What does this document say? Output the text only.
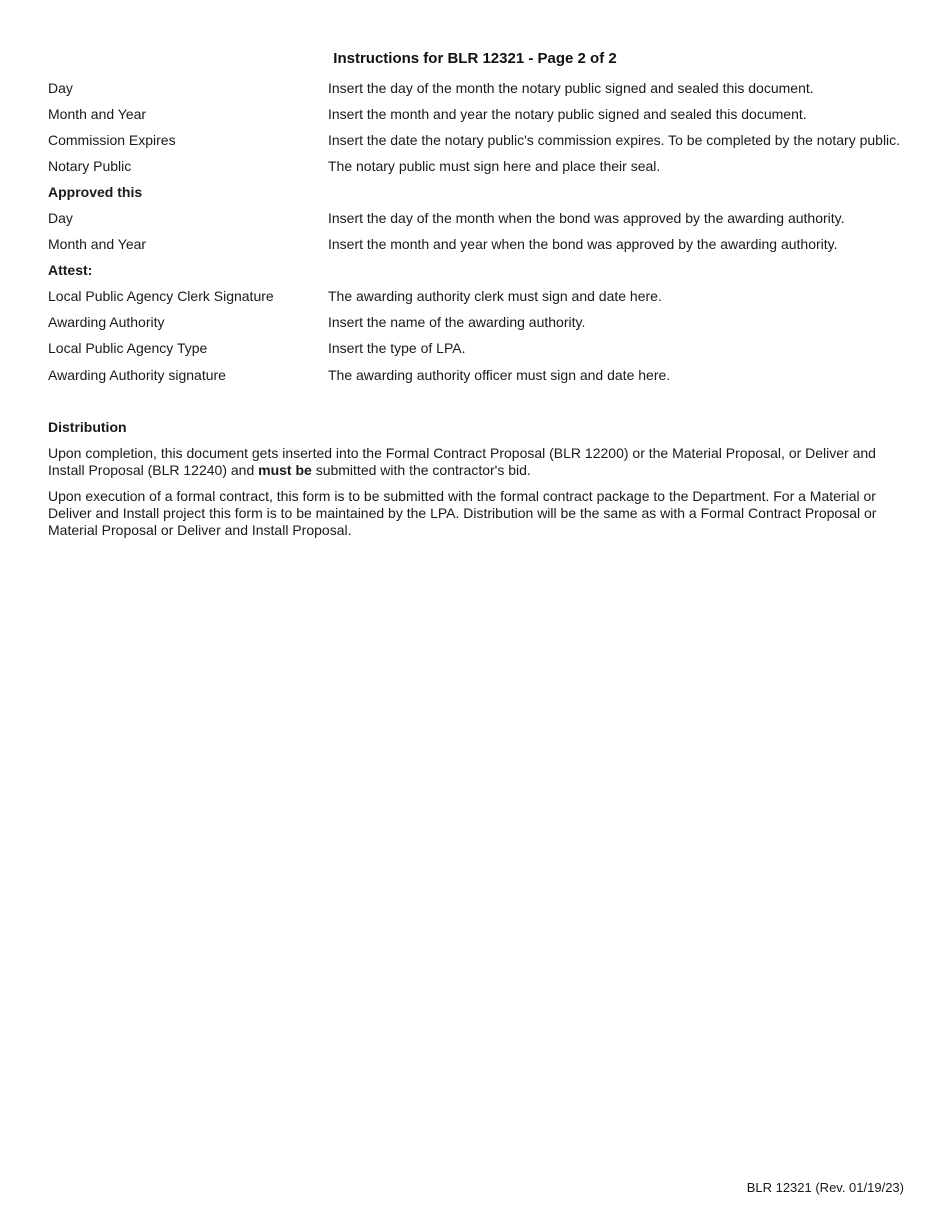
Instructions for BLR 12321 - Page 2 of 2
Day	Insert the day of the month the notary public signed and sealed this document.
Month and Year	Insert the month and year the notary public signed and sealed this document.
Commission Expires	Insert the date the notary public's commission expires. To be completed by the notary public.
Notary Public	The notary public must sign here and place their seal.
Approved this
Day	Insert the day of the month when the bond was approved by the awarding authority.
Month and Year	Insert the month and year when the bond was approved by the awarding authority.
Attest:
Local Public Agency Clerk Signature	The awarding authority clerk must sign and date here.
Awarding Authority	Insert the name of the awarding authority.
Local Public Agency Type	Insert the type of LPA.
Awarding Authority signature	The awarding authority officer must sign and date here.
Distribution

Upon completion, this document gets inserted into the Formal Contract Proposal (BLR 12200) or the Material Proposal, or Deliver and Install Proposal (BLR 12240) and must be submitted with the contractor's bid.

Upon execution of a formal contract, this form is to be submitted with the formal contract package to the Department. For a Material or Deliver and Install project this form is to be maintained by the LPA. Distribution will be the same as with a Formal Contract Proposal or Material Proposal or Deliver and Install Proposal.

BLR 12321 (Rev. 01/19/23)
